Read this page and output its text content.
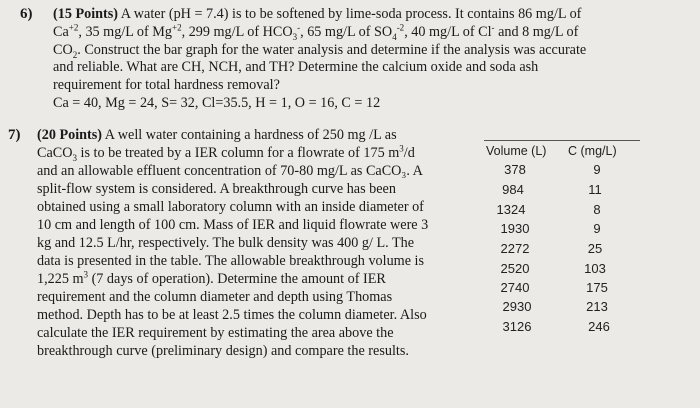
6) (15 Points) A water (pH = 7.4) is to be softened by lime-soda process. It contains 86 mg/L of
$Ca^{+2}$, 35 mg/L of $Mg^{+2}$, 299 mg/L of $HCO_3^-$, 65 mg/L of $SO_4^{-2}$, 40 mg/L of Cl- and 8 mg/L of
$CO_2$. Construct the bar graph for the water analysis and determine if the analysis was accurate
and reliable. What are CH, NCH, and TH? Determine the calcium oxide and soda ash
requirement for total hardness removal?
Ca = 40, Mg = 24, S= 32, Cl=35.5, H = 1, O = 16, C = 12
7) (20 Points) A well water containing a hardness of 250 mg /L as
CaCO$_3$ is to be treated by a IER column for a flowrate of 175 $m^3/d$
and an allowable effluent concentration of 70-80 mg/L as CaCO₃. A
split-flow system is considered. A breakthrough curve has been
obtained using a small laboratory column with an inside diameter of
10 cm and length of 100 cm. Mass of IER and liquid flowrate were 3
kg and 12.5 L/hr, respectively. The bulk density was 400 g/ L. The
data is presented in the table. The allowable breakthrough volume is
1,225 $m^3$ (7 days of operation). Determine the amount of IER
requirement and the column diameter and depth using Thomas
method. Depth has to be at least 2.5 times the column diameter. Also
calculate the IER requirement by estimating the area above the
breakthrough curve (preliminary design) and compare the results.
Volume (L) C (mg/L)
378	9
984	11
1324	8
1930	9
2272	25
2520	103
2740	175
2930	213
3126	246
